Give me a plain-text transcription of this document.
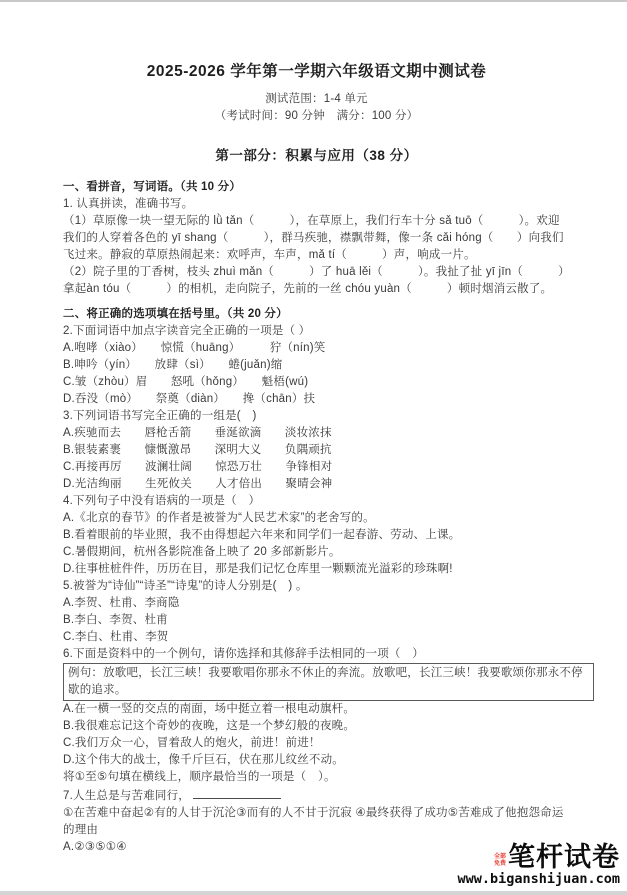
2025-2026 学年第一学期六年级语文期中测试卷
测试范围：1-4 单元
（考试时间：90 分钟　满分：100 分）
第一部分：积累与应用（38 分）
一、看拼音，写词语。（共 10 分）
1. 认真拼读，准确书写。
（1）草原像一块一望无际的 lǜ tǎn（　　　），在草原上，我们行车十分 sǎ tuō（　　　）。欢迎我们的人穿着各色的 yī shang（　　　），群马疾驰，襟飘带舞，像一条 cǎi hóng（　　）向我们飞过来。静寂的草原热闹起来：欢呼声，车声，mǎ tí（　　　）声，响成一片。
（2）院子里的丁香树，枝头 zhuì mǎn（　　　）了 huā lěi（　　　）。我扯了扯 yī jīn（　　　）拿起àn tóu（　　　）的相机，走向院子，先前的一丝 chóu yuàn（　　　）顿时烟消云散了。
二、将正确的选项填在括号里。（共 20 分）
2.下面词语中加点字读音完全正确的一项是（ ）
A.咆哮（xiào）　　惊慌（huāng）　　　狞（nín)笑
B.呻吟（yín）　　放肆（sì）　　蜷(juǎn)缩
C.皱（zhòu）眉　　怒吼（hǒng）　　魁梧(wú)
D.吞没（mò）　　祭奠（diàn）　　搀（chān）扶
3.下列词语书写完全正确的一组是(　)
A.疾驰而去　　唇枪舌箭　　垂涎欲滴　　淡妆浓抹
B.银装素裹　　慷慨激昂　　深明大义　　负隅顽抗
C.再接再厉　　波澜壮阔　　惊恐万壮　　争锋相对
D.光洁绚丽　　生死攸关　　人才倍出　　聚晴会神
4.下列句子中没有语病的一项是（　）
A.《北京的春节》的作者是被誉为“人民艺术家”的老舍写的。
B.看着眼前的毕业照，我不由得想起六年来和同学们一起春游、劳动、上课。
C.暑假期间，杭州各影院准备上映了 20 多部新影片。
D.往事桩桩件件，历历在目，那是我们记忆仓库里一颗颗流光溢彩的珍珠啊!
5.被誉为“诗仙”“诗圣”“诗鬼”的诗人分别是(　) 。
A.李贺、杜甫、李商隐
B.李白、李贺、杜甫
C.李白、杜甫、李贺
6.下面是资料中的一个例句，请你选择和其修辞手法相同的一项（　）
例句：放歌吧，长江三峡！我要歌唱你那永不休止的奔流。放歌吧，长江三峡！我要歌颂你那永不停歇的追求。
A.在一横一竖的交点的南面，场中挺立着一根电动旗杆。
B.我很难忘记这个奇妙的夜晚，这是一个梦幻般的夜晚。
C.我们万众一心，冒着敌人的炮火，前进！前进！
D.这个伟大的战士，像千斤巨石，伏在那儿纹丝不动。
将①至⑤句填在横线上，顺序最恰当的一项是（　）。
7.人生总是与苦难同行，
①在苦难中奋起②有的人甘于沉沦③而有的人不甘于沉寂 ④最终获得了成功⑤苦难成了他抱怨命运的理由
A.②③⑤①④
全部免费 笔杆试卷
www.biganshijuan.com
